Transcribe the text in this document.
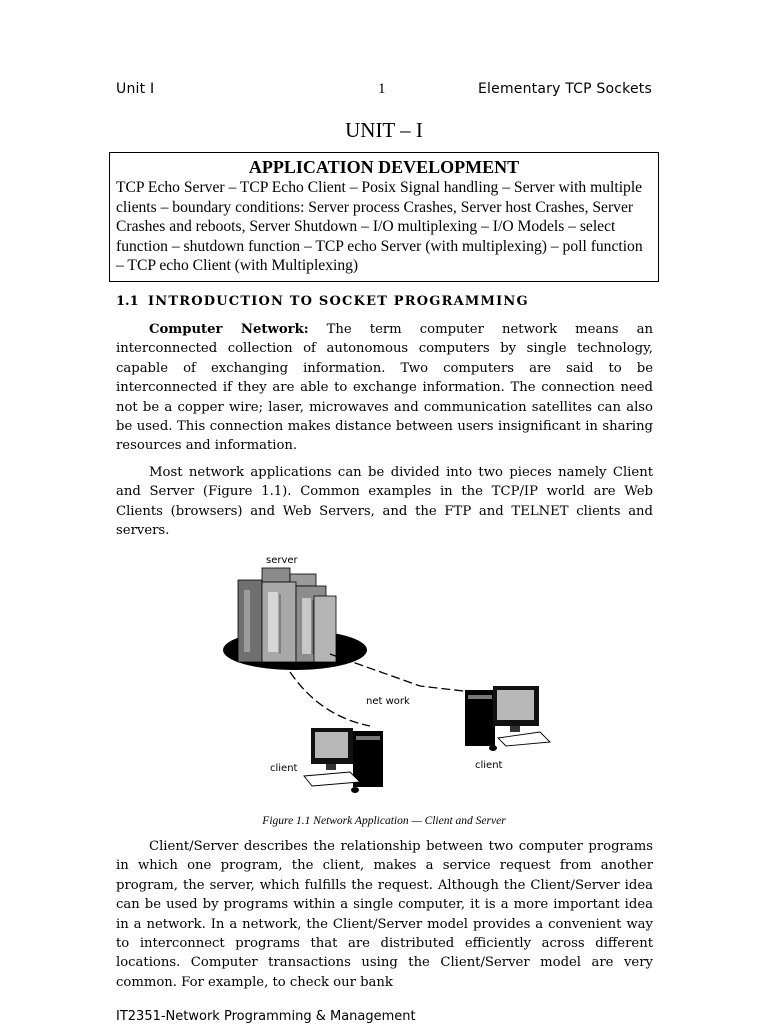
Unit I	1	Elementary TCP Sockets
UNIT – I
APPLICATION DEVELOPMENT
TCP Echo Server – TCP Echo Client – Posix Signal handling – Server with multiple clients – boundary conditions: Server process Crashes, Server host Crashes, Server Crashes and reboots, Server Shutdown – I/O multiplexing – I/O Models – select function – shutdown function – TCP echo Server (with multiplexing) – poll function – TCP echo Client (with Multiplexing)
1.1 INTRODUCTION TO SOCKET PROGRAMMING

Computer Network: The term computer network means an interconnected collection of autonomous computers by single technology, capable of exchanging information. Two computers are said to be interconnected if they are able to exchange information. The connection need not be a copper wire; laser, microwaves and communication satellites can also be used. This connection makes distance between users insignificant in sharing resources and information.

Most network applications can be divided into two pieces namely Client and Server (Figure 1.1). Common examples in the TCP/IP world are Web Clients (browsers) and Web Servers, and the FTP and TELNET clients and servers.

server
net work
client	client
Figure 1.1 Network Application — Client and Server

Client/Server describes the relationship between two computer programs in which one program, the client, makes a service request from another program, the server, which fulfills the request. Although the Client/Server idea can be used by programs within a single computer, it is a more important idea in a network. In a network, the Client/Server model provides a convenient way to interconnect programs that are distributed efficiently across different locations. Computer transactions using the Client/Server model are very common. For example, to check our bank

IT2351-Network Programming & Management
